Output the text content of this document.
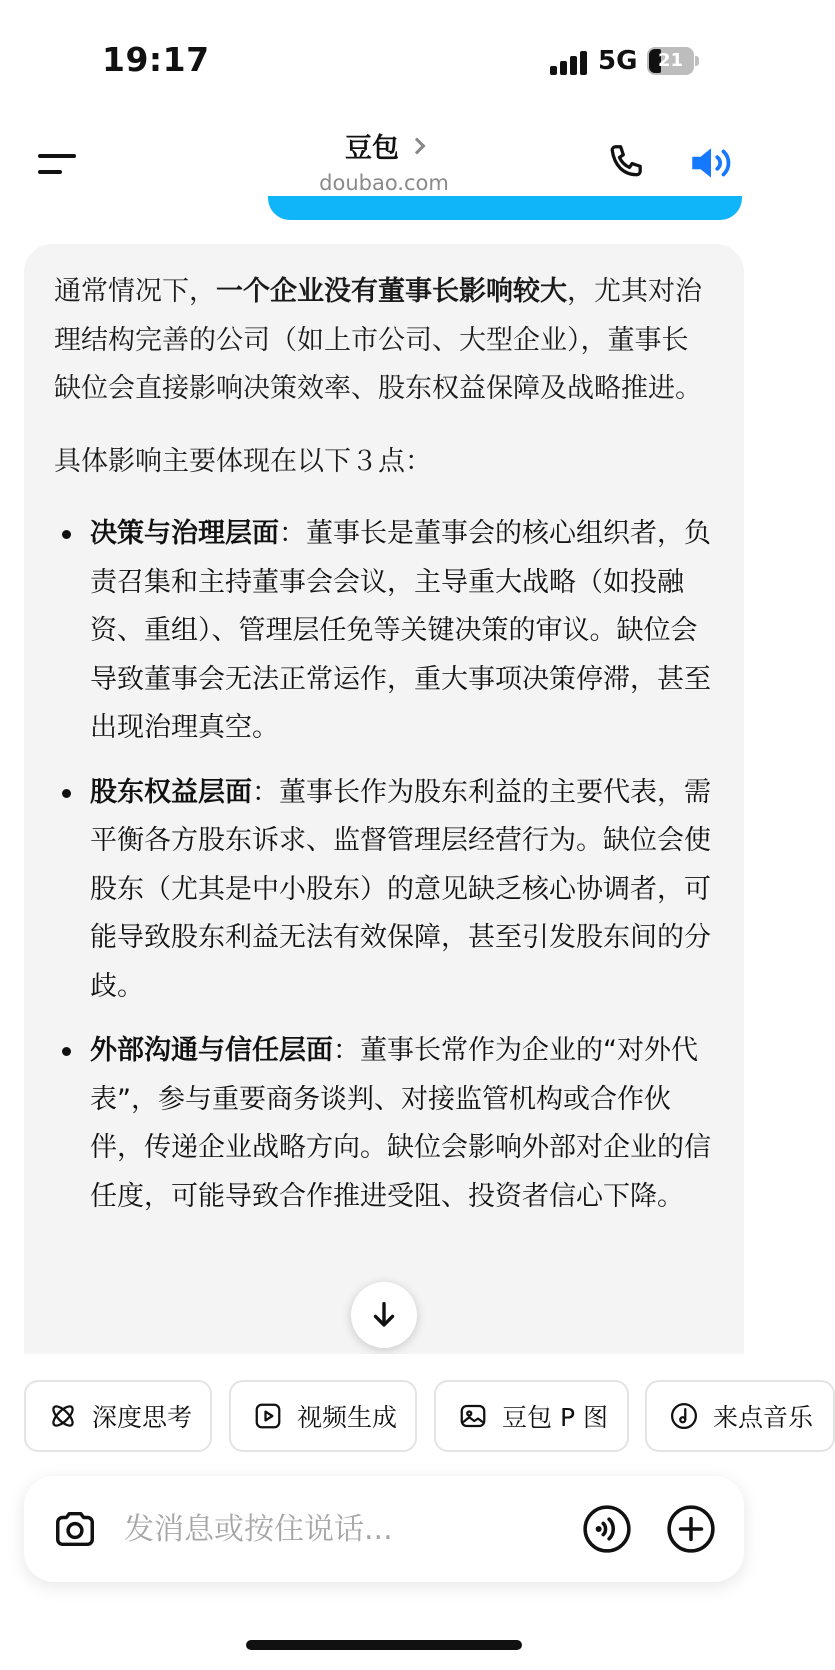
19:17	5G	21
豆包
doubao.com

通常情况下，一个企业没有董事长影响较大，尤其对治理结构完善的公司（如上市公司、大型企业），董事长缺位会直接影响决策效率、股东权益保障及战略推进。

具体影响主要体现在以下３点：

决策与治理层面：董事长是董事会的核心组织者，负责召集和主持董事会会议，主导重大战略（如投融资、重组）、管理层任免等关键决策的审议。缺位会导致董事会无法正常运作，重大事项决策停滞，甚至出现治理真空。
股东权益层面：董事长作为股东利益的主要代表，需平衡各方股东诉求、监督管理层经营行为。缺位会使股东（尤其是中小股东）的意见缺乏核心协调者，可能导致股东利益无法有效保障，甚至引发股东间的分歧。
外部沟通与信任层面：董事长常作为企业的“对外代表”，参与重要商务谈判、对接监管机构或合作伙伴，传递企业战略方向。缺位会影响外部对企业的信任度，可能导致合作推进受阻、投资者信心下降。
深度思考	视频生成	豆包 P 图	来点音乐
发消息或按住说话...
